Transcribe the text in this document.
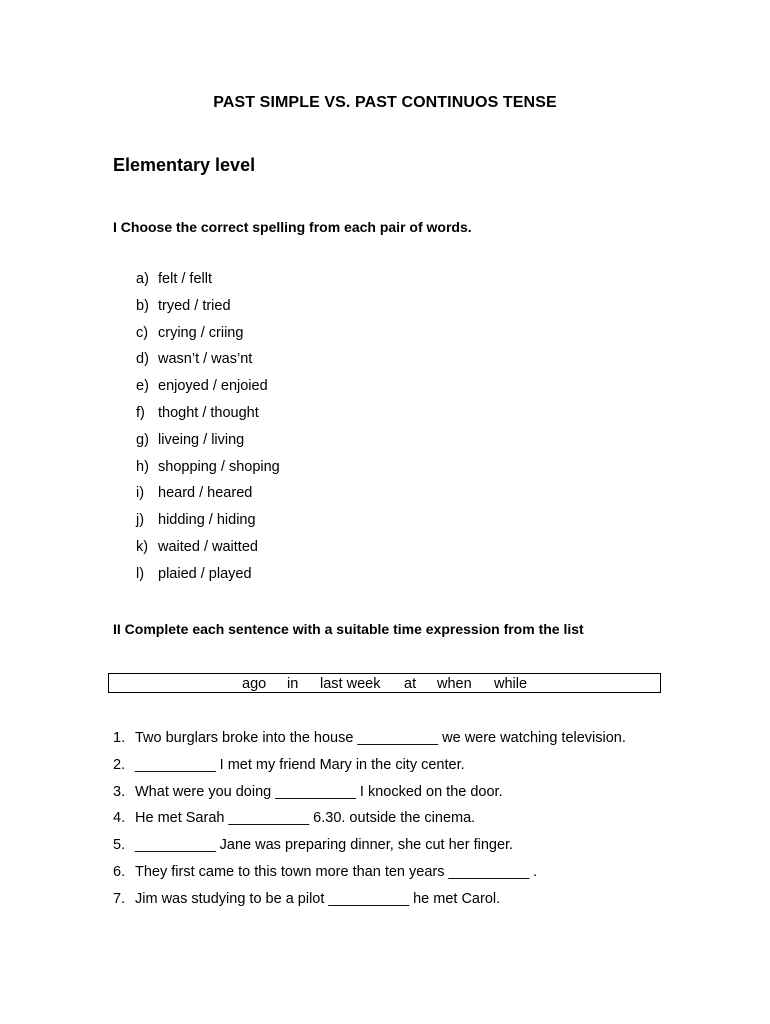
PAST SIMPLE VS. PAST CONTINUOS TENSE
Elementary level
I Choose the correct spelling from each pair of words.
a) felt / fellt
b) tryed / tried
c) crying / criing
d) wasn’t / was’nt
e) enjoyed / enjoied
f) thoght / thought
g) liveing / living
h) shopping / shoping
i) heard / heared
j) hidding / hiding
k) waited / waitted
l) plaied / played
II Complete each sentence with a suitable time expression from the list
ago in last week at when while
1. Two burglars broke into the house __________ we were watching television.
2. __________ I met my friend Mary in the city center.
3. What were you doing __________ I knocked on the door.
4. He met Sarah __________ 6.30. outside the cinema.
5. __________ Jane was preparing dinner, she cut her finger.
6. They first came to this town more than ten years __________ .
7. Jim was studying to be a pilot __________ he met Carol.
